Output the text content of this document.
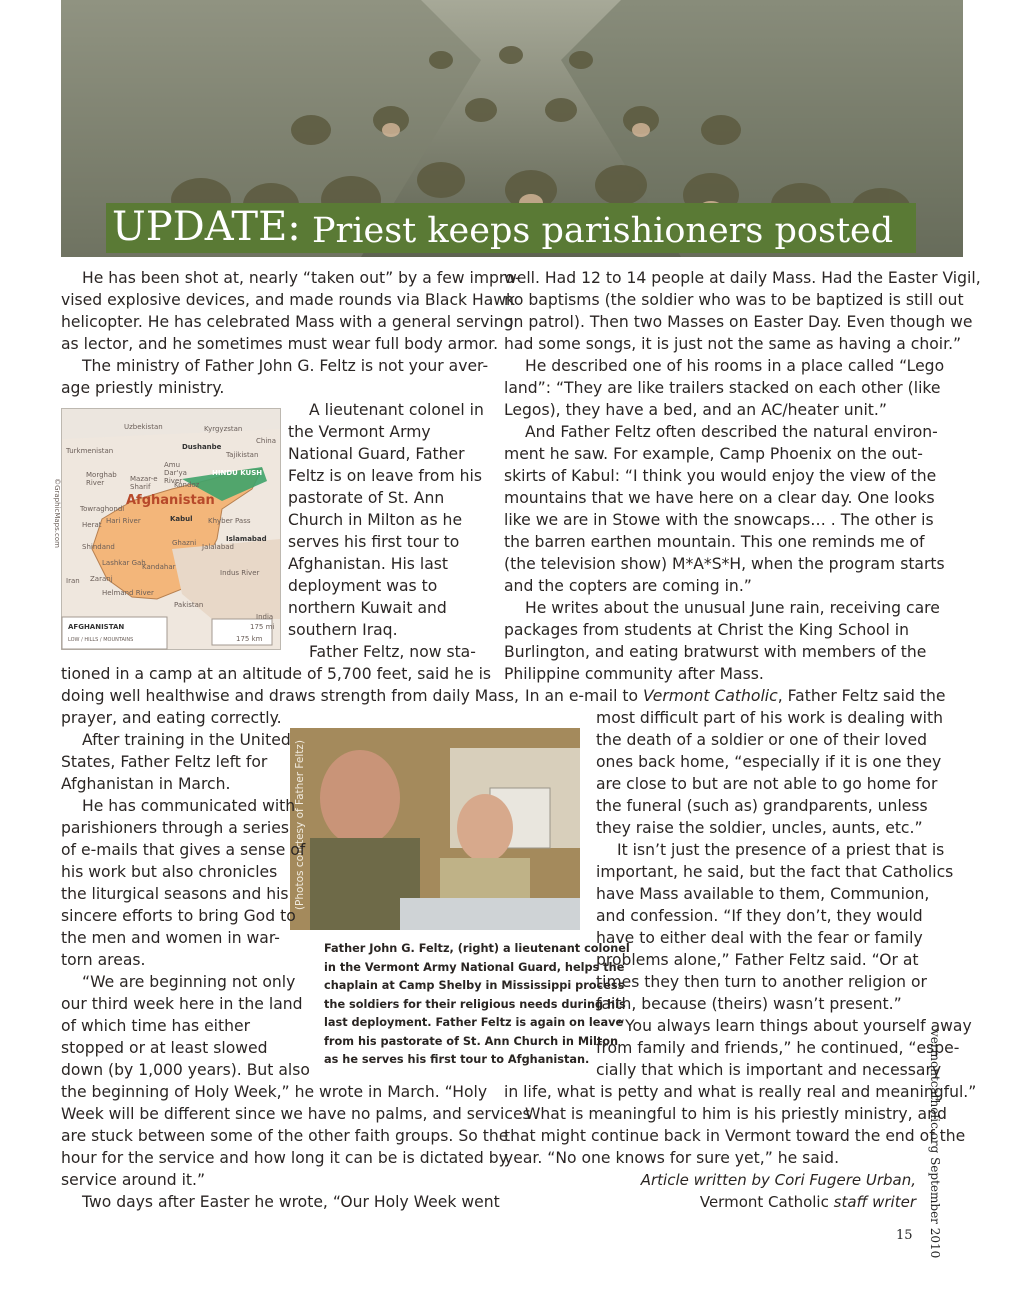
UPDATE: Priest keeps parishioners posted
Uzbekistan	Kyrgyzstan
Turkmenistan	Tajikistan
China
Dushanbe
Amu Dar'ya River
Morghab River	Mazar-e Sharif	Kondoz
HINDU KUSH
Towraghondi
Herat Hari River	Kabul Khyber Pass
Islamabad
Jalalabad
Shindand	Ghazni
Lashkar Gah
Kandahar
Indus River
Iran Zaranj
Helmand River
Pakistan
India
AFGHANISTAN
LOW / HILLS / MOUNTAINS
175 mi
175 km
©GraphicMaps.com	Afghanistan
(Photos courtesy of Father Feltz)
Father John G. Feltz, (right) a lieutenant colonel
in the Vermont Army National Guard, helps the
chaplain at Camp Shelby in Mississippi process
the soldiers for their religious needs during his
last deployment. Father Feltz is again on leave
from his pastorate of St. Ann Church in Milton
as he serves his first tour to Afghanistan.
He has been shot at, nearly “taken out” by a few impro-
vised explosive devices, and made rounds via Black Hawk
helicopter. He has celebrated Mass with a general serving
as lector, and he sometimes must wear full body armor.
The ministry of Father John G. Feltz is not your aver-
age priestly ministry.
A lieutenant colonel in
the Vermont Army
National Guard, Father
Feltz is on leave from his
pastorate of St. Ann
Church in Milton as he
serves his first tour to
Afghanistan. His last
deployment was to
northern Kuwait and
southern Iraq.
Father Feltz, now sta-
tioned in a camp at an altitude of 5,700 feet, said he is
doing well healthwise and draws strength from daily Mass,
prayer, and eating correctly.
After training in the United
States, Father Feltz left for
Afghanistan in March.
He has communicated with
parishioners through a series
of e-mails that gives a sense of
his work but also chronicles
the liturgical seasons and his
sincere efforts to bring God to
the men and women in war-
torn areas.
“We are beginning not only
our third week here in the land
of which time has either
stopped or at least slowed
down (by 1,000 years). But also
the beginning of Holy Week,” he wrote in March. “Holy
Week will be different since we have no palms, and services
are stuck between some of the other faith groups. So the
hour for the service and how long it can be is dictated by
service around it.”
Two days after Easter he wrote, “Our Holy Week went
well. Had 12 to 14 people at daily Mass. Had the Easter Vigil,
no baptisms (the soldier who was to be baptized is still out
on patrol). Then two Masses on Easter Day. Even though we
had some songs, it is just not the same as having a choir.”
He described one of his rooms in a place called “Lego
land”: “They are like trailers stacked on each other (like
Legos), they have a bed, and an AC/heater unit.”
And Father Feltz often described the natural environ-
ment he saw. For example, Camp Phoenix on the out-
skirts of Kabul: “I think you would enjoy the view of the
mountains that we have here on a clear day. One looks
like we are in Stowe with the snowcaps… . The other is
the barren earthen mountain. This one reminds me of
(the television show) M*A*S*H, when the program starts
and the copters are coming in.”
He writes about the unusual June rain, receiving care
packages from students at Christ the King School in
Burlington, and eating bratwurst with members of the
Philippine community after Mass.
In an e-mail to Vermont Catholic, Father Feltz said the
most difficult part of his work is dealing with
the death of a soldier or one of their loved
ones back home, “especially if it is one they
are close to but are not able to go home for
the funeral (such as) grandparents, unless
they raise the soldier, uncles, aunts, etc.”
It isn’t just the presence of a priest that is
important, he said, but the fact that Catholics
have Mass available to them, Communion,
and confession. “If they don’t, they would
have to either deal with the fear or family
problems alone,” Father Feltz said. “Or at
times they then turn to another religion or
faith, because (theirs) wasn’t present.”
“You always learn things about yourself away
from family and friends,” he continued, “espe-
cially that which is important and necessary
in life, what is petty and what is really real and meaningful.”
What is meaningful to him is his priestly ministry, and
that might continue back in Vermont toward the end of the
year. “No one knows for sure yet,” he said.
Article written by Cori Fugere Urban,
Vermont Catholic staff writer vermontcatholic.org September 2010
15
